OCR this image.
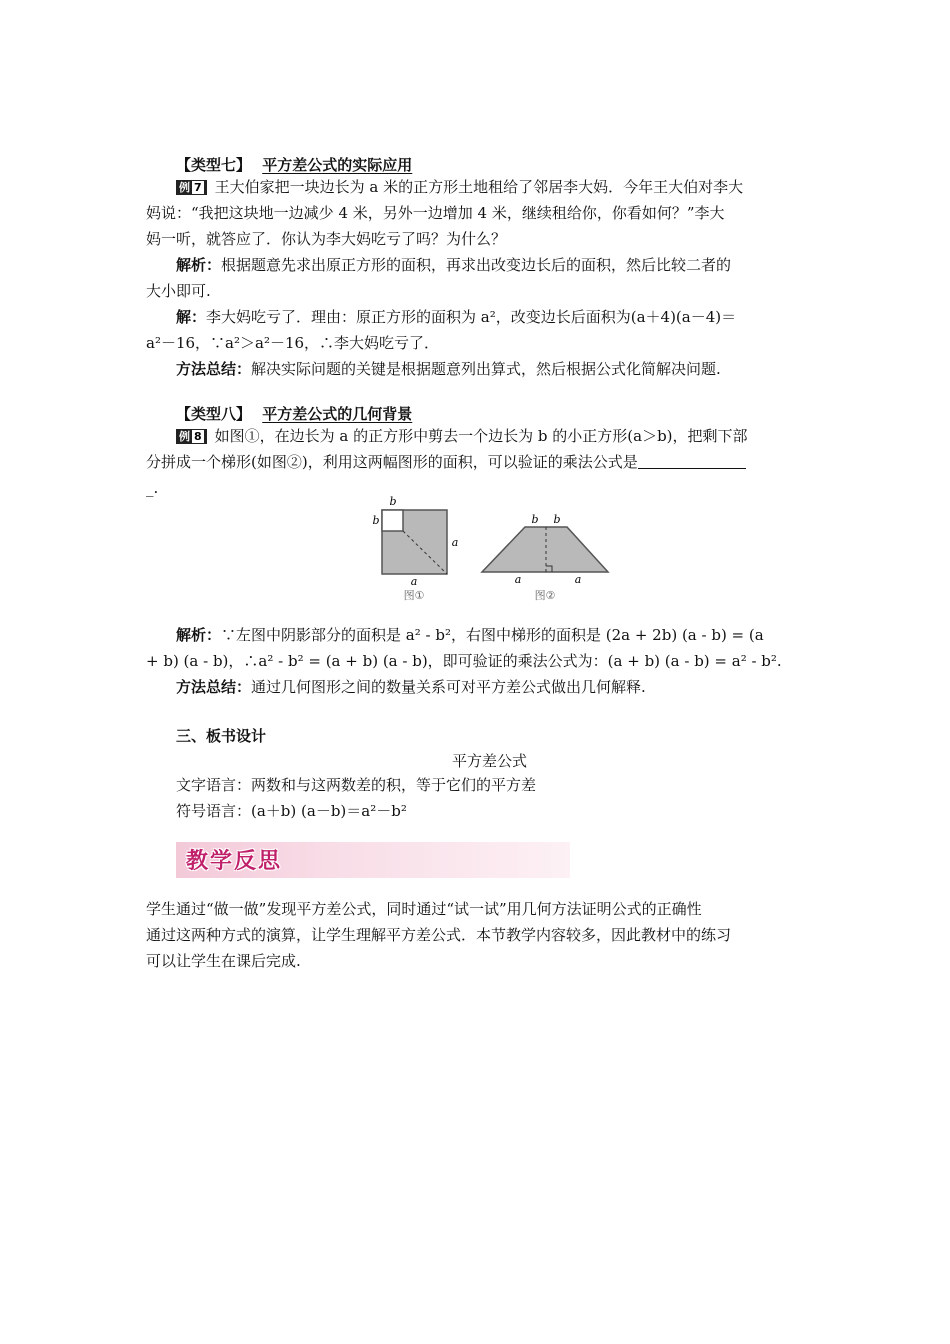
【类型七】 平方差公式的实际应用
例 7 王大伯家把一块边长为 a 米的正方形土地租给了邻居李大妈．今年王大伯对李大
妈说：“我把这块地一边减少 4 米，另外一边增加 4 米，继续租给你，你看如何？”李大
妈一听，就答应了．你认为李大妈吃亏了吗？为什么？
解析：根据题意先求出原正方形的面积，再求出改变边长后的面积，然后比较二者的
大小即可.
解：李大妈吃亏了．理由：原正方形的面积为 a²，改变边长后面积为(a＋4)(a－4)＝
a²－16，∵a²＞a²－16，∴李大妈吃亏了．
方法总结：解决实际问题的关键是根据题意列出算式，然后根据公式化简解决问题.
【类型八】 平方差公式的几何背景
例 8 如图①，在边长为 a 的正方形中剪去一个边长为 b 的小正方形(a＞b)，把剩下部
分拼成一个梯形(如图②)，利用这两幅图形的面积，可以验证的乘法公式是
_.
b
b
a
a
图①
b b
a	a
图②
解析：∵左图中阴影部分的面积是 a² - b²，右图中梯形的面积是 (2a + 2b) (a - b) = (a
+ b) (a - b)，∴a² - b² = (a + b) (a - b)，即可验证的乘法公式为：(a + b) (a - b) = a² - b².
方法总结：通过几何图形之间的数量关系可对平方差公式做出几何解释.
三、板书设计
平方差公式
文字语言：两数和与这两数差的积，等于它们的平方差
符号语言：(a＋b) (a－b)＝a²－b²
教学反思
学生通过“做一做”发现平方差公式，同时通过“试一试”用几何方法证明公式的正确性
通过这两种方式的演算，让学生理解平方差公式．本节教学内容较多，因此教材中的练习
可以让学生在课后完成.
